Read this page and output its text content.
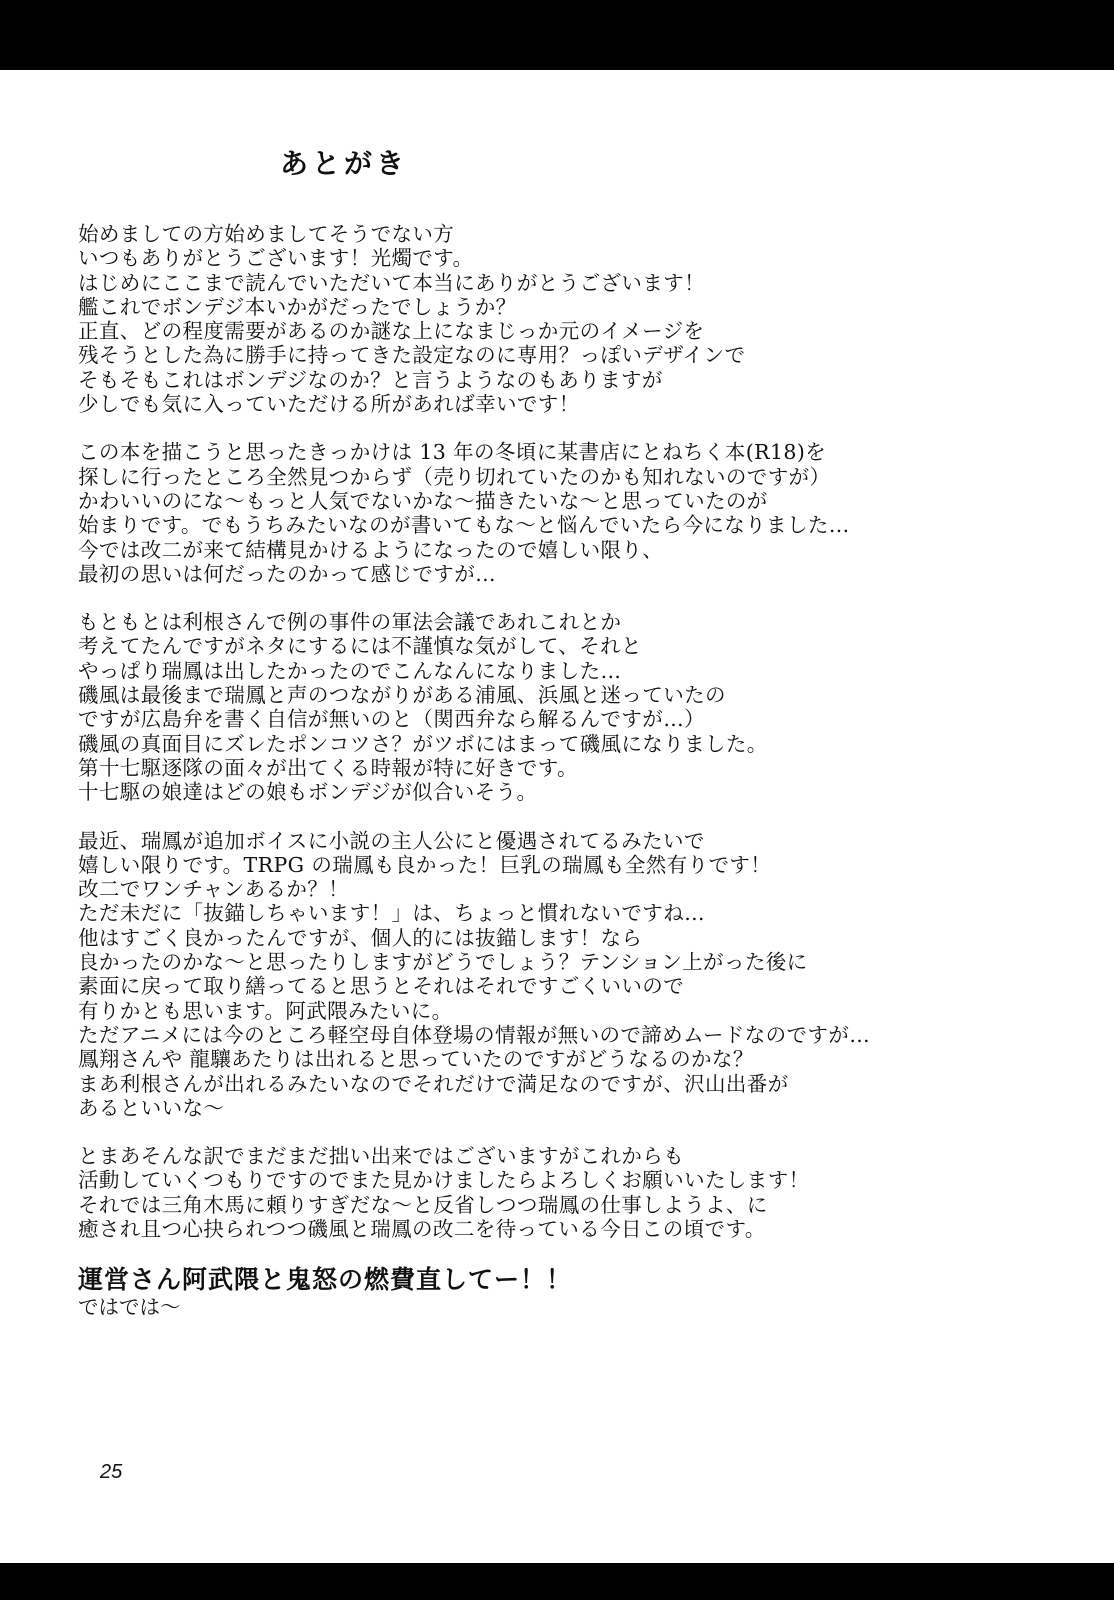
あとがき
始めましての方始めましてそうでない方
いつもありがとうございます！光燭です。
はじめにここまで読んでいただいて本当にありがとうございます！
艦これでボンデジ本いかがだったでしょうか？
正直、どの程度需要があるのか謎な上になまじっか元のイメージを
残そうとした為に勝手に持ってきた設定なのに専用？っぽいデザインで
そもそもこれはボンデジなのか？と言うようなのもありますが
少しでも気に入っていただける所があれば幸いです！
この本を描こうと思ったきっかけは 13 年の冬頃に某書店にとねちく本(R18)を
探しに行ったところ全然見つからず（売り切れていたのかも知れないのですが）
かわいいのにな～もっと人気でないかな～描きたいな～と思っていたのが
始まりです。でもうちみたいなのが書いてもな～と悩んでいたら今になりました…
今では改二が来て結構見かけるようになったので嬉しい限り、
最初の思いは何だったのかって感じですが…
もともとは利根さんで例の事件の軍法会議であれこれとか
考えてたんですがネタにするには不謹慎な気がして、それと
やっぱり瑞鳳は出したかったのでこんなんになりました…
磯風は最後まで瑞鳳と声のつながりがある浦風、浜風と迷っていたの
ですが広島弁を書く自信が無いのと（関西弁なら解るんですが…）
磯風の真面目にズレたポンコツさ？がツボにはまって磯風になりました。
第十七駆逐隊の面々が出てくる時報が特に好きです。
十七駆の娘達はどの娘もボンデジが似合いそう。
最近、瑞鳳が追加ボイスに小説の主人公にと優遇されてるみたいで
嬉しい限りです。TRPG の瑞鳳も良かった！巨乳の瑞鳳も全然有りです！
改二でワンチャンあるか？！
ただ未だに「抜錨しちゃいます！」は、ちょっと慣れないですね…
他はすごく良かったんですが、個人的には抜錨します！なら
良かったのかな～と思ったりしますがどうでしょう？テンション上がった後に
素面に戻って取り繕ってると思うとそれはそれですごくいいので
有りかとも思います。阿武隈みたいに。
ただアニメには今のところ軽空母自体登場の情報が無いので諦めムードなのですが…
鳳翔さんや 龍驤あたりは出れると思っていたのですがどうなるのかな？
まあ利根さんが出れるみたいなのでそれだけで満足なのですが、沢山出番が
あるといいな～
とまあそんな訳でまだまだ拙い出来ではございますがこれからも
活動していくつもりですのでまた見かけましたらよろしくお願いいたします！
それでは三角木馬に頼りすぎだな～と反省しつつ瑞鳳の仕事しようよ、に
癒され且つ心抉られつつ磯風と瑞鳳の改二を待っている今日この頃です。
運営さん阿武隈と鬼怒の燃費直してー！！
ではでは～
25
